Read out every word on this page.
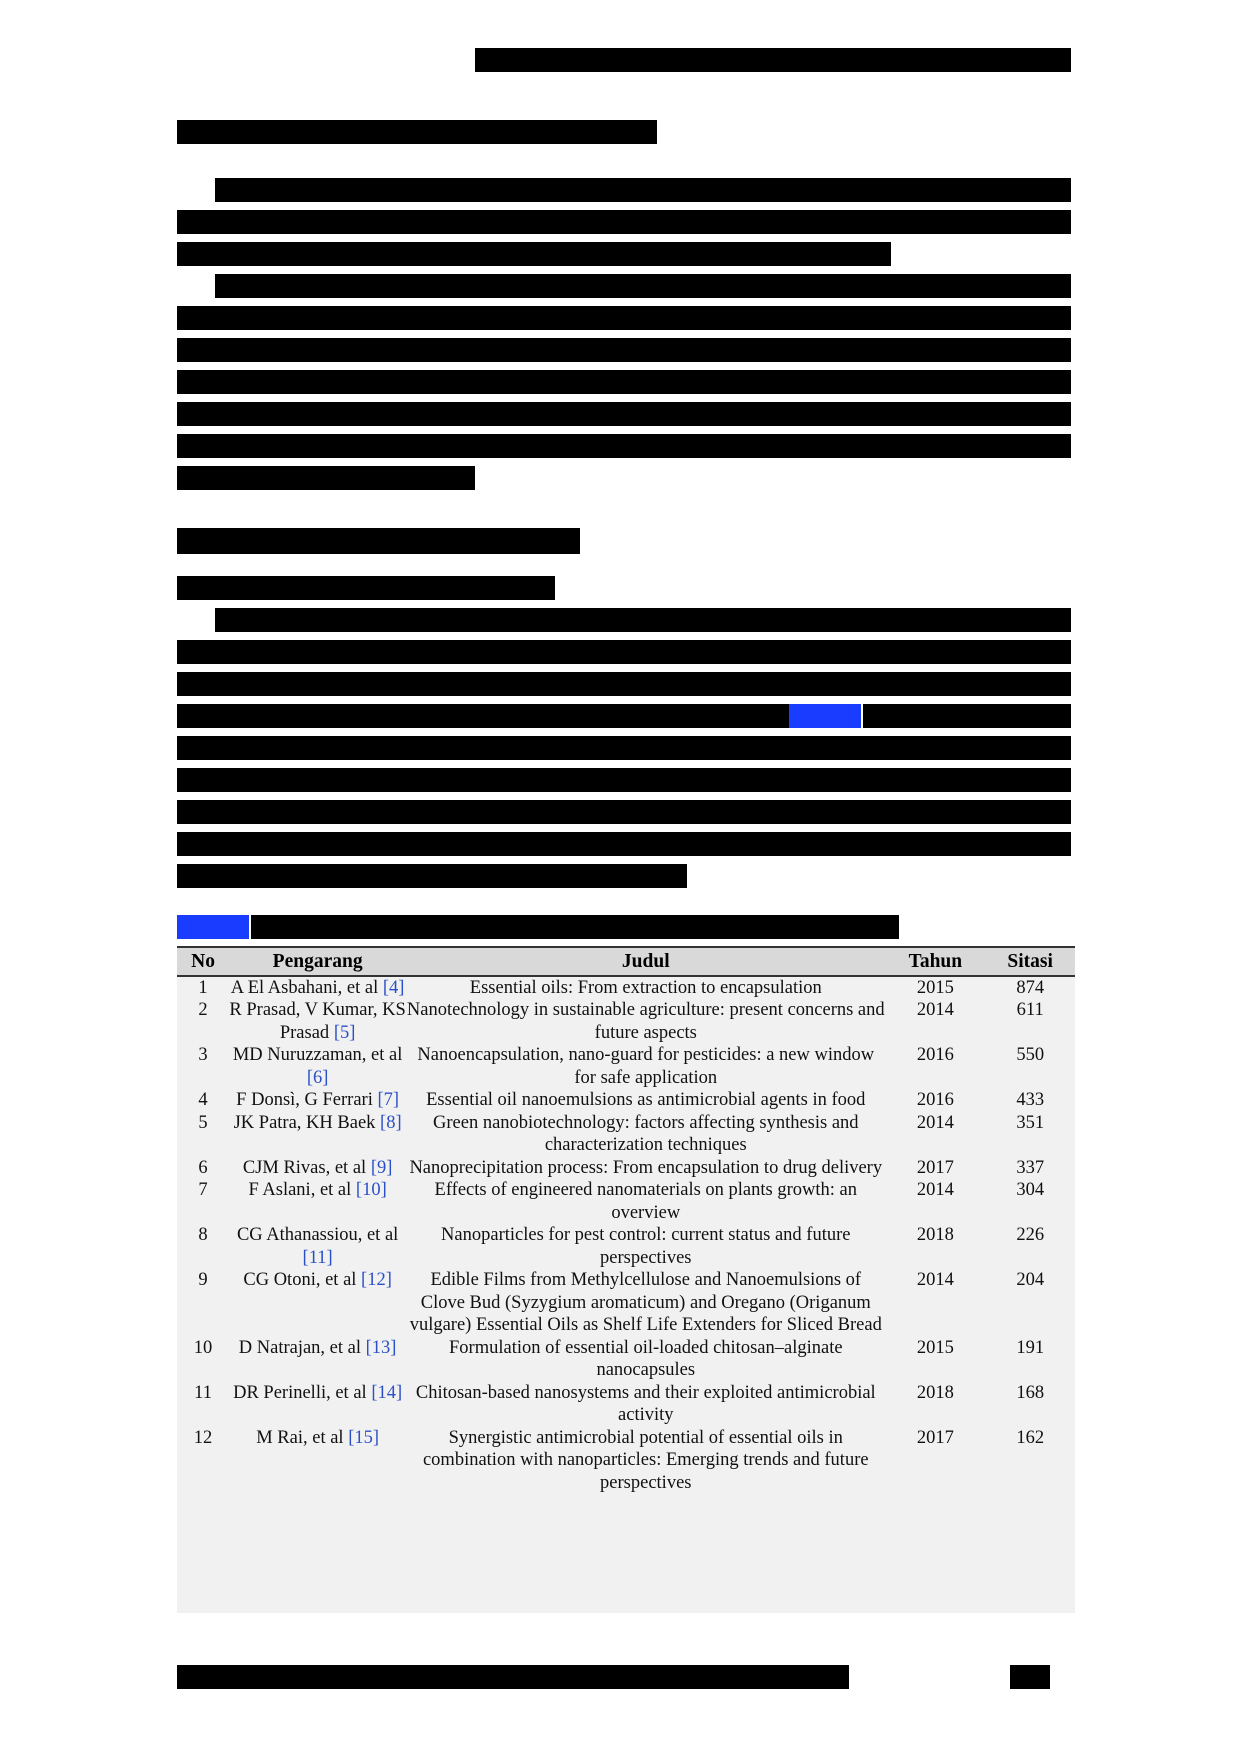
No	Pengarang	Judul	Tahun	Sitasi
1	A El Asbahani, et al [4]	Essential oils: From extraction to encapsulation	2015	874
2	R Prasad, V Kumar, KS Prasad [5]	Nanotechnology in sustainable agriculture: present concerns and future aspects	2014	611
3	MD Nuruzzaman, et al [6]	Nanoencapsulation, nano-guard for pesticides: a new window for safe application	2016	550
4	F Donsì, G Ferrari [7]	Essential oil nanoemulsions as antimicrobial agents in food	2016	433
5	JK Patra, KH Baek [8]	Green nanobiotechnology: factors affecting synthesis and characterization techniques	2014	351
6	CJM Rivas, et al [9]	Nanoprecipitation process: From encapsulation to drug delivery	2017	337
7	F Aslani, et al [10]	Effects of engineered nanomaterials on plants growth: an overview	2014	304
8	CG Athanassiou, et al [11]	Nanoparticles for pest control: current status and future perspectives	2018	226
9	CG Otoni, et al [12]	Edible Films from Methylcellulose and Nanoemulsions of Clove Bud (Syzygium aromaticum) and Oregano (Origanum vulgare) Essential Oils as Shelf Life Extenders for Sliced Bread	2014	204
10	D Natrajan, et al [13]	Formulation of essential oil-loaded chitosan–alginate nanocapsules	2015	191
11	DR Perinelli, et al [14]	Chitosan-based nanosystems and their exploited antimicrobial activity	2018	168
12	M Rai, et al [15]	Synergistic antimicrobial potential of essential oils in combination with nanoparticles: Emerging trends and future perspectives	2017	162
